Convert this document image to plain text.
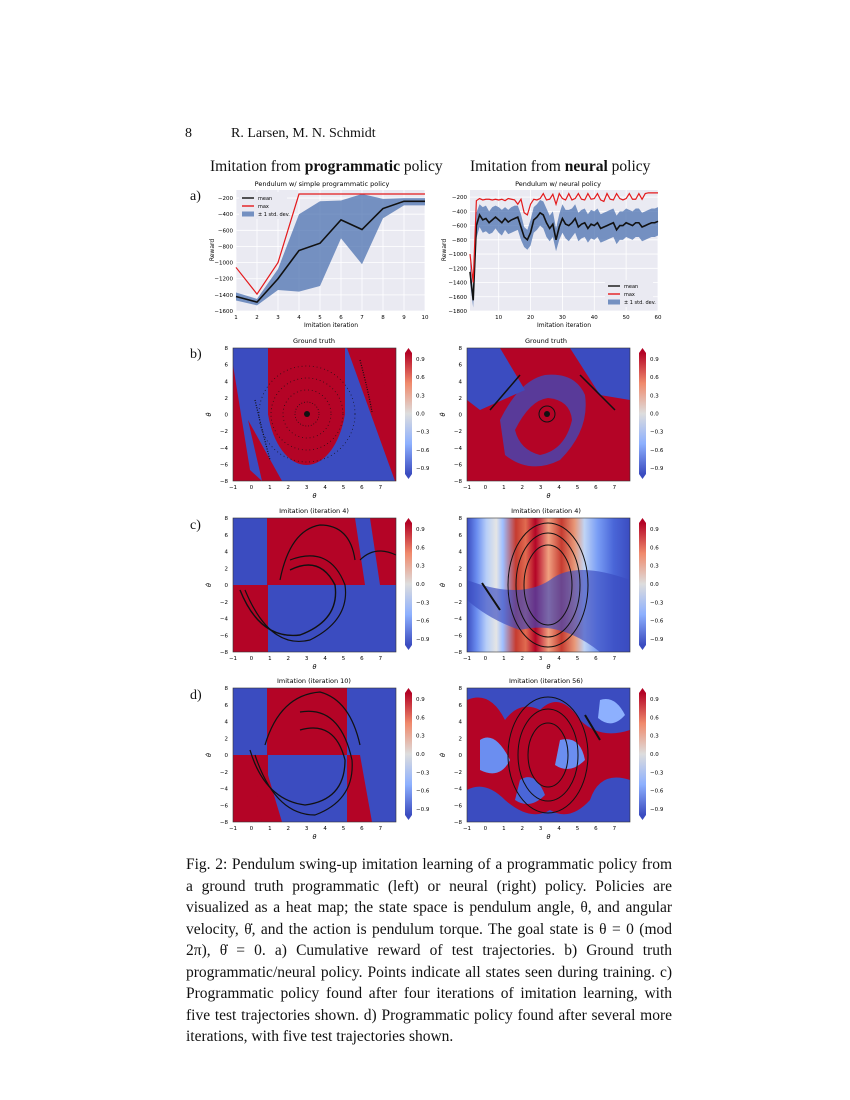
8	R. Larsen, M. N. Schmidt
Imitation from programmatic policy Imitation from neural policy
a)
b)
c)
d)
Pendulum w/ simple programmatic policy
−200
−400
−600
−800
−1000
−1200
−1400
−1600
1	2	3	4	5	6	7	8	9	10
mean
max
± 1 std. dev.
Imitation iteration
Reward
Pendulum w/ neural policy
−200
−400
−600
−800
−1000
−1200
−1400
−1600
−1800
10	20	30	40	50	60
mean
max
± 1 std. dev.
Imitation iteration
Reward
Ground truth	Ground truth
Imitation (iteration 4)	Imitation (iteration 4)
Imitation (iteration 10)	Imitation (iteration 56)
−1 0	1	2	3	4	5	6	7
8
6
4
2
0
−2
−4
−6
−8
θ
θ̇
−1 0	1	2	3	4	5	6	7
8
6
4
2
0
−2
−4
−6
−8
θ
θ̇
−1 0	1	2	3	4	5	6	7
8
6
4
2
0
−2
−4
−6
−8
θ
θ̇
−1 0	1	2	3	4	5	6	7
8
6
4
2
0
−2
−4
−6
−8
θ
θ̇
−1 0	1	2	3	4	5	6	7
8
6
4
2
0
−2
−4
−6
−8
θ
θ̇
−1 0	1	2	3	4	5	6	7
8
6
4
2
0
−2
−4
−6
−8
θ
θ̇
0.9
0.6
0.3
0.0
−0.3
−0.6
−0.9
0.9
0.6
0.3
0.0
−0.3
−0.6
−0.9
0.9
0.6
0.3
0.0
−0.3
−0.6
−0.9
0.9
0.6
0.3
0.0
−0.3
−0.6
−0.9
0.9
0.6
0.3
0.0
−0.3
−0.6
−0.9
0.9
0.6
0.3
0.0
−0.3
−0.6
−0.9
Fig. 2: Pendulum swing-up imitation learning of a programmatic policy from a ground truth programmatic (left) or neural (right) policy. Policies are visualized as a heat map; the state space is pendulum angle, θ, and angular velocity, θ̇, and the action is pendulum torque. The goal state is θ = 0 (mod 2π), θ̇ = 0. a) Cumulative reward of test trajectories. b) Ground truth programmatic/neural policy. Points indicate all states seen during training. c) Programmatic policy found after four iterations of imitation learning, with five test trajectories shown. d) Programmatic policy found after several more iterations, with five test trajectories shown.
